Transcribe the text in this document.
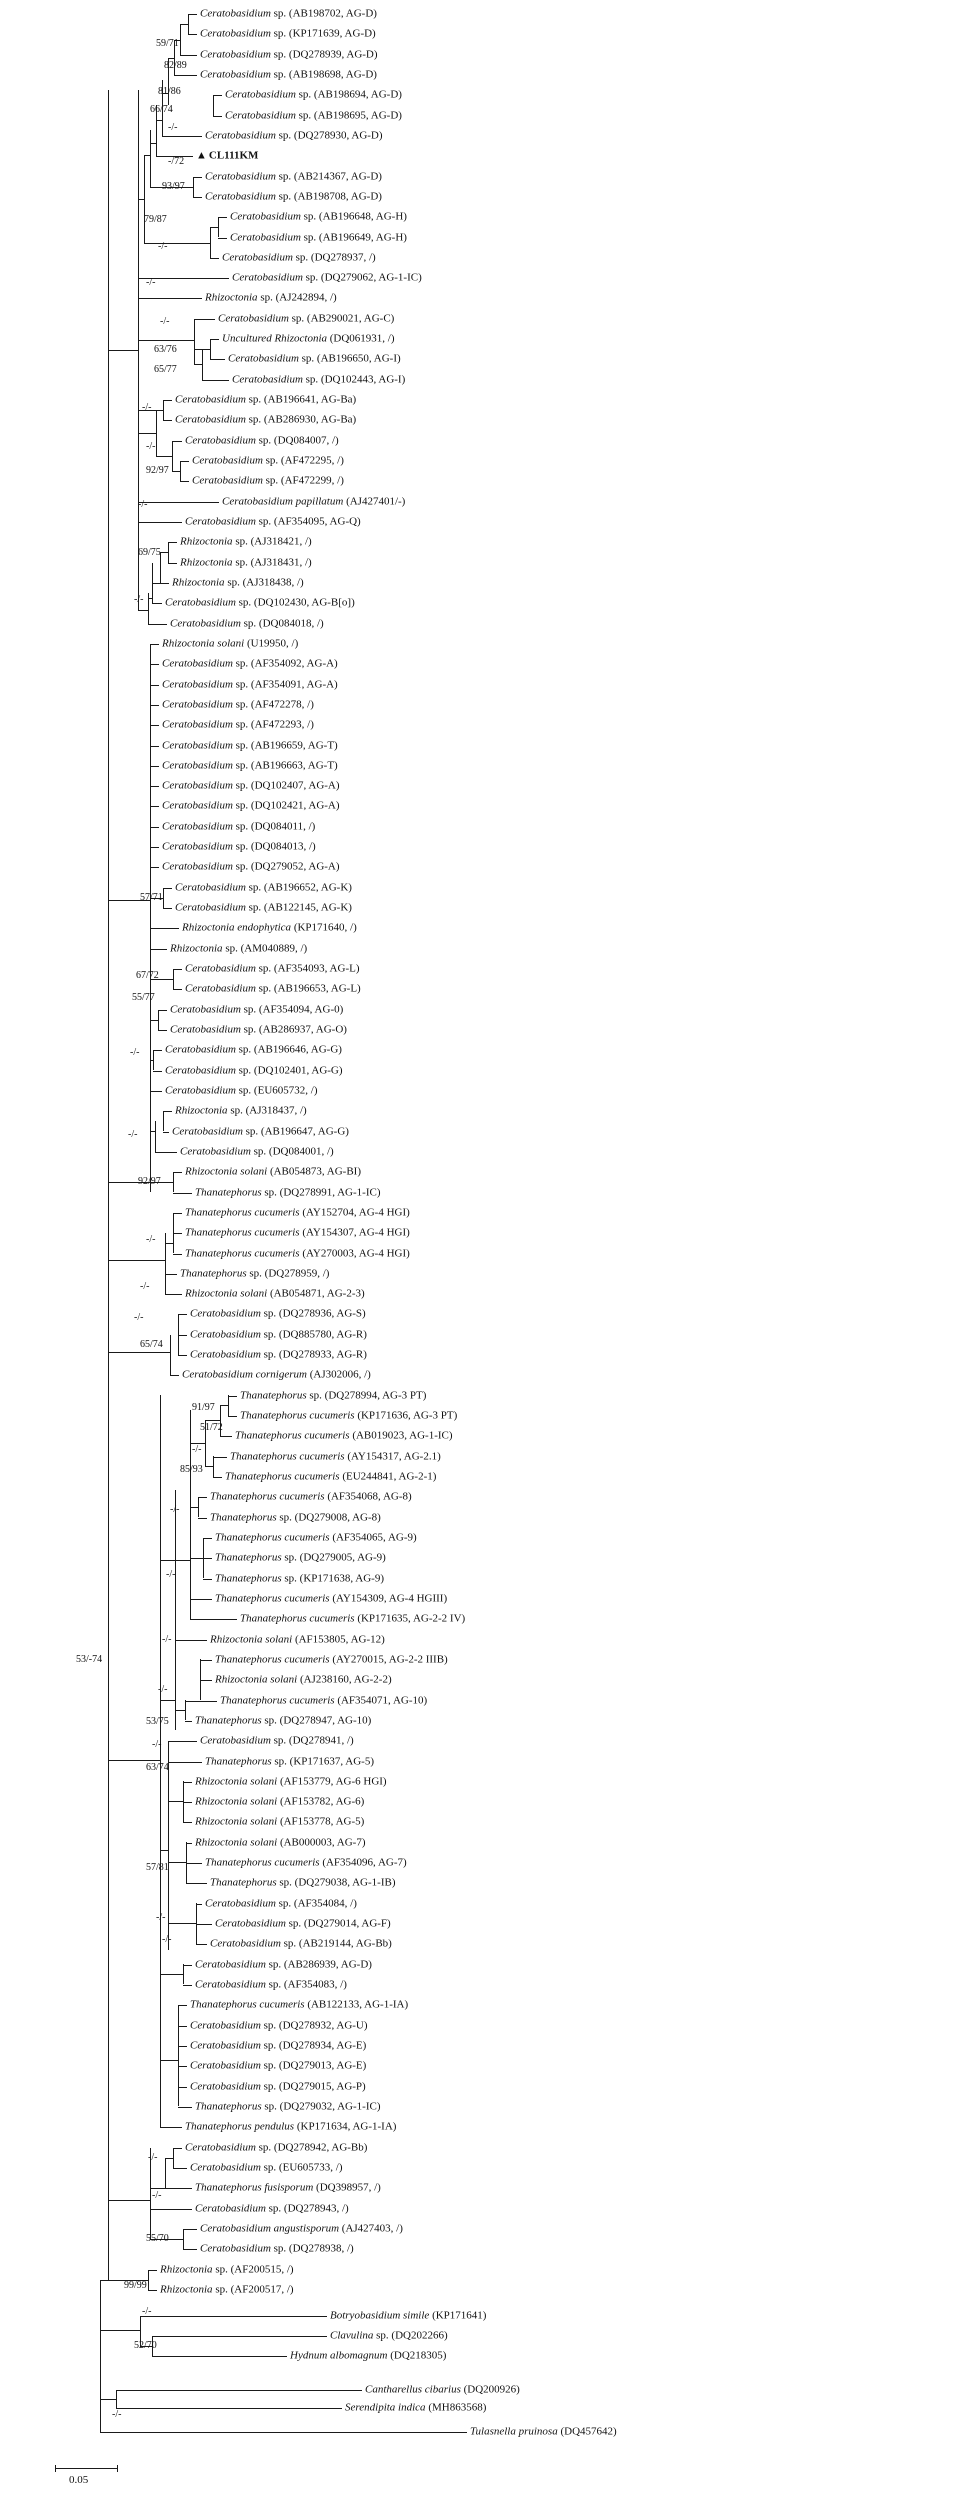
Ceratobasidium sp. (AB198702, AG-D)
Ceratobasidium sp. (KP171639, AG-D)
Ceratobasidium sp. (DQ278939, AG-D)
Ceratobasidium sp. (AB198698, AG-D)
Ceratobasidium sp. (AB198694, AG-D)
Ceratobasidium sp. (AB198695, AG-D)
Ceratobasidium sp. (DQ278930, AG-D)
▲ CL111KM
Ceratobasidium sp. (AB214367, AG-D)
Ceratobasidium sp. (AB198708, AG-D)
Ceratobasidium sp. (AB196648, AG-H)
Ceratobasidium sp. (AB196649, AG-H)
Ceratobasidium sp. (DQ278937, /)
Ceratobasidium sp. (DQ279062, AG-1-IC)
Rhizoctonia sp. (AJ242894, /)
Ceratobasidium sp. (AB290021, AG-C)
Uncultured Rhizoctonia (DQ061931, /)
Ceratobasidium sp. (AB196650, AG-I)
Ceratobasidium sp. (DQ102443, AG-I)
Ceratobasidium sp. (AB196641, AG-Ba)
Ceratobasidium sp. (AB286930, AG-Ba)
Ceratobasidium sp. (DQ084007, /)
Ceratobasidium sp. (AF472295, /)
Ceratobasidium sp. (AF472299, /)
Ceratobasidium papillatum (AJ427401/-)
Ceratobasidium sp. (AF354095, AG-Q)
Rhizoctonia sp. (AJ318421, /)
Rhizoctonia sp. (AJ318431, /)
Rhizoctonia sp. (AJ318438, /)
Ceratobasidium sp. (DQ102430, AG-B[o])
Ceratobasidium sp. (DQ084018, /)
Rhizoctonia solani (U19950, /)
Ceratobasidium sp. (AF354092, AG-A)
Ceratobasidium sp. (AF354091, AG-A)
Ceratobasidium sp. (AF472278, /)
Ceratobasidium sp. (AF472293, /)
Ceratobasidium sp. (AB196659, AG-T)
Ceratobasidium sp. (AB196663, AG-T)
Ceratobasidium sp. (DQ102407, AG-A)
Ceratobasidium sp. (DQ102421, AG-A)
Ceratobasidium sp. (DQ084011, /)
Ceratobasidium sp. (DQ084013, /)
Ceratobasidium sp. (DQ279052, AG-A)
Ceratobasidium sp. (AB196652, AG-K)
Ceratobasidium sp. (AB122145, AG-K)
Rhizoctonia endophytica (KP171640, /)
Rhizoctonia sp. (AM040889, /)
Ceratobasidium sp. (AF354093, AG-L)
Ceratobasidium sp. (AB196653, AG-L)
Ceratobasidium sp. (AF354094, AG-0)
Ceratobasidium sp. (AB286937, AG-O)
Ceratobasidium sp. (AB196646, AG-G)
Ceratobasidium sp. (DQ102401, AG-G)
Ceratobasidium sp. (EU605732, /)
Rhizoctonia sp. (AJ318437, /)
Ceratobasidium sp. (AB196647, AG-G)
Ceratobasidium sp. (DQ084001, /)
Rhizoctonia solani (AB054873, AG-BI)
Thanatephorus sp. (DQ278991, AG-1-IC)
Thanatephorus cucumeris (AY152704, AG-4 HGI)
Thanatephorus cucumeris (AY154307, AG-4 HGI)
Thanatephorus cucumeris (AY270003, AG-4 HGI)
Thanatephorus sp. (DQ278959, /)
Rhizoctonia solani (AB054871, AG-2-3)
Ceratobasidium sp. (DQ278936, AG-S)
Ceratobasidium sp. (DQ885780, AG-R)
Ceratobasidium sp. (DQ278933, AG-R)
Ceratobasidium cornigerum (AJ302006, /)
Thanatephorus sp. (DQ278994, AG-3 PT)
Thanatephorus cucumeris (KP171636, AG-3 PT)
Thanatephorus cucumeris (AB019023, AG-1-IC)
Thanatephorus cucumeris (AY154317, AG-2.1)
Thanatephorus cucumeris (EU244841, AG-2-1)
Thanatephorus cucumeris (AF354068, AG-8)
Thanatephorus sp. (DQ279008, AG-8)
Thanatephorus cucumeris (AF354065, AG-9)
Thanatephorus sp. (DQ279005, AG-9)
Thanatephorus sp. (KP171638, AG-9)
Thanatephorus cucumeris (AY154309, AG-4 HGIII)
Thanatephorus cucumeris (KP171635, AG-2-2 IV)
Rhizoctonia solani (AF153805, AG-12)
Thanatephorus cucumeris (AY270015, AG-2-2 IIIB)
Rhizoctonia solani (AJ238160, AG-2-2)
Thanatephorus cucumeris (AF354071, AG-10)
Thanatephorus sp. (DQ278947, AG-10)
Ceratobasidium sp. (DQ278941, /)
Thanatephorus sp. (KP171637, AG-5)
Rhizoctonia solani (AF153779, AG-6 HGI)
Rhizoctonia solani (AF153782, AG-6)
Rhizoctonia solani (AF153778, AG-5)
Rhizoctonia solani (AB000003, AG-7)
Thanatephorus cucumeris (AF354096, AG-7)
Thanatephorus sp. (DQ279038, AG-1-IB)
Ceratobasidium sp. (AF354084, /)
Ceratobasidium sp. (DQ279014, AG-F)
Ceratobasidium sp. (AB219144, AG-Bb)
Ceratobasidium sp. (AB286939, AG-D)
Ceratobasidium sp. (AF354083, /)
Thanatephorus cucumeris (AB122133, AG-1-IA)
Ceratobasidium sp. (DQ278932, AG-U)
Ceratobasidium sp. (DQ278934, AG-E)
Ceratobasidium sp. (DQ279013, AG-E)
Ceratobasidium sp. (DQ279015, AG-P)
Thanatephorus sp. (DQ279032, AG-1-IC)
Thanatephorus pendulus (KP171634, AG-1-IA)
Ceratobasidium sp. (DQ278942, AG-Bb)
Ceratobasidium sp. (EU605733, /)
Thanatephorus fusisporum (DQ398957, /)
Ceratobasidium sp. (DQ278943, /)
Ceratobasidium angustisporum (AJ427403, /)
Ceratobasidium sp. (DQ278938, /)
Rhizoctonia sp. (AF200515, /)
Rhizoctonia sp. (AF200517, /)
Botryobasidium simile (KP171641)
Clavulina sp. (DQ202266)
Hydnum albomagnum (DQ218305)
Cantharellus cibarius (DQ200926)
Serendipita indica (MH863568)
Tulasnella pruinosa (DQ457642)
59/71
82/89
81/86
66/74
-/-
-/72
93/97
79/87
-/-
-/-
-/-
63/76
65/77
-/-
-/-
92/97
-/-
69/75
-/-
57/71
67/72
55/77
-/-
-/-
92/97
-/-
-/-
-/-
65/74
91/97
51/72
-/-
85/93
-/-
-/-
-/-
-/-
53/-74
53/75
-/-
63/74
57/81
-/-
-/-
-/-
-/-
55/70
99/99
-/-
52/70
-/-
0.05
